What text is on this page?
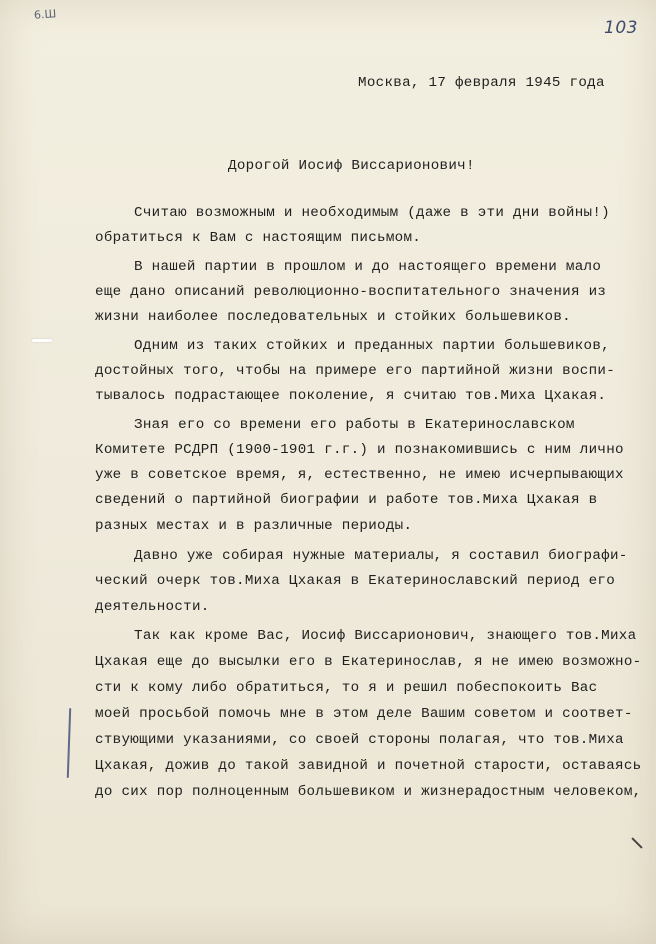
6.Ш
103
Москва, 17 февраля 1945 года
Дорогой Иосиф Виссарионович!
Считаю возможным и необходимым (даже в эти дни войны!)
обратиться к Вам с настоящим письмом.
В нашей партии в прошлом и до настоящего времени мало
еще дано описаний революционно-воспитательного значения из
жизни наиболее последовательных и стойких большевиков.
Одним из таких стойких и преданных партии большевиков,
достойных того, чтобы на примере его партийной жизни воспи-
тывалось подрастающее поколение, я считаю тов.Миха Цхакая.
Зная его со времени его работы в Екатеринославском
Комитете РСДРП (1900-1901 г.г.) и познакомившись с ним лично
уже в советское время, я, естественно, не имею исчерпывающих
сведений о партийной биографии и работе тов.Миха Цхакая в
разных местах и в различные периоды.
Давно уже собирая нужные материалы, я составил биографи-
ческий очерк тов.Миха Цхакая в Екатеринославский период его
деятельности.
Так как кроме Вас, Иосиф Виссарионович, знающего тов.Миха
Цхакая еще до высылки его в Екатеринослав, я не имею возможно-
сти к кому либо обратиться, то я и решил побеспокоить Вас
моей просьбой помочь мне в этом деле Вашим советом и соответ-
ствующими указаниями, со своей стороны полагая, что тов.Миха
Цхакая, дожив до такой завидной и почетной старости, оставаясь
до сих пор полноценным большевиком и жизнерадостным человеком,
